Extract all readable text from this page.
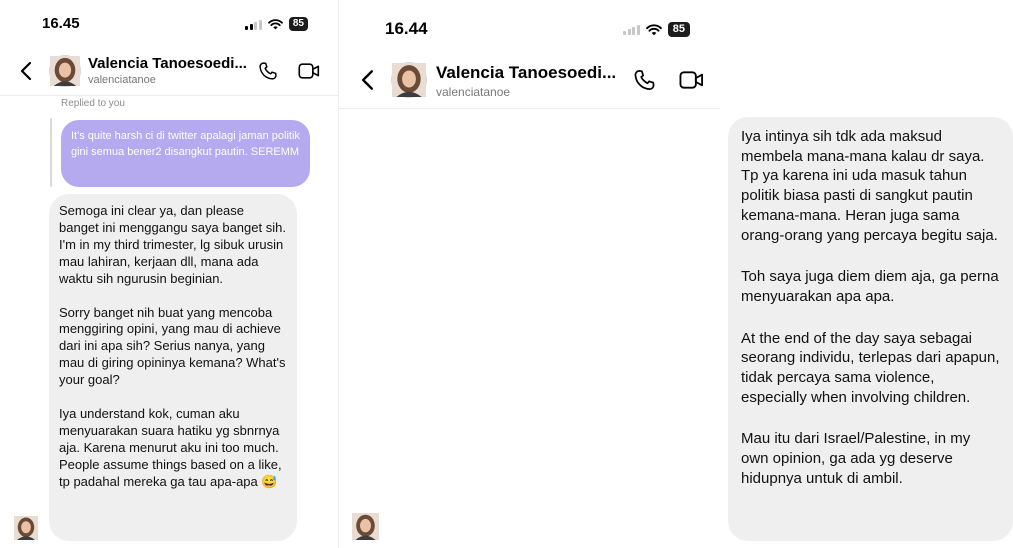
16.45	85
Valencia Tanoesoedi...
valenciatanoe
Replied to you
It's quite harsh ci di twitter apalagi jaman politik gini semua bener2 disangkut pautin. SEREMM

Semoga ini clear ya, dan please banget ini menggangu saya banget sih. I'm in my third trimester, lg sibuk urusin mau lahiran, kerjaan dll, mana ada waktu sih ngurusin beginian.

Sorry banget nih buat yang mencoba menggiring opini, yang mau di achieve dari ini apa sih? Serius nanya, yang mau di giring opininya kemana? What's your goal?

Iya understand kok, cuman aku menyuarakan suara hatiku yg sbnrnya aja. Karena menurut aku ini too much. People assume things based on a like, tp padahal mereka ga tau apa-apa 😅

16.44	85
Valencia Tanoesoedi...
valenciatanoe

Iya intinya sih tdk ada maksud membela mana-mana kalau dr saya. Tp ya karena ini uda masuk tahun politik biasa pasti di sangkut pautin kemana-mana. Heran juga sama orang-orang yang percaya begitu saja.

Toh saya juga diem diem aja, ga perna menyuarakan apa apa.

At the end of the day saya sebagai seorang individu, terlepas dari apapun, tidak percaya sama violence, especially when involving children.

Mau itu dari Israel/Palestine, in my own opinion, ga ada yg deserve hidupnya untuk di ambil.
